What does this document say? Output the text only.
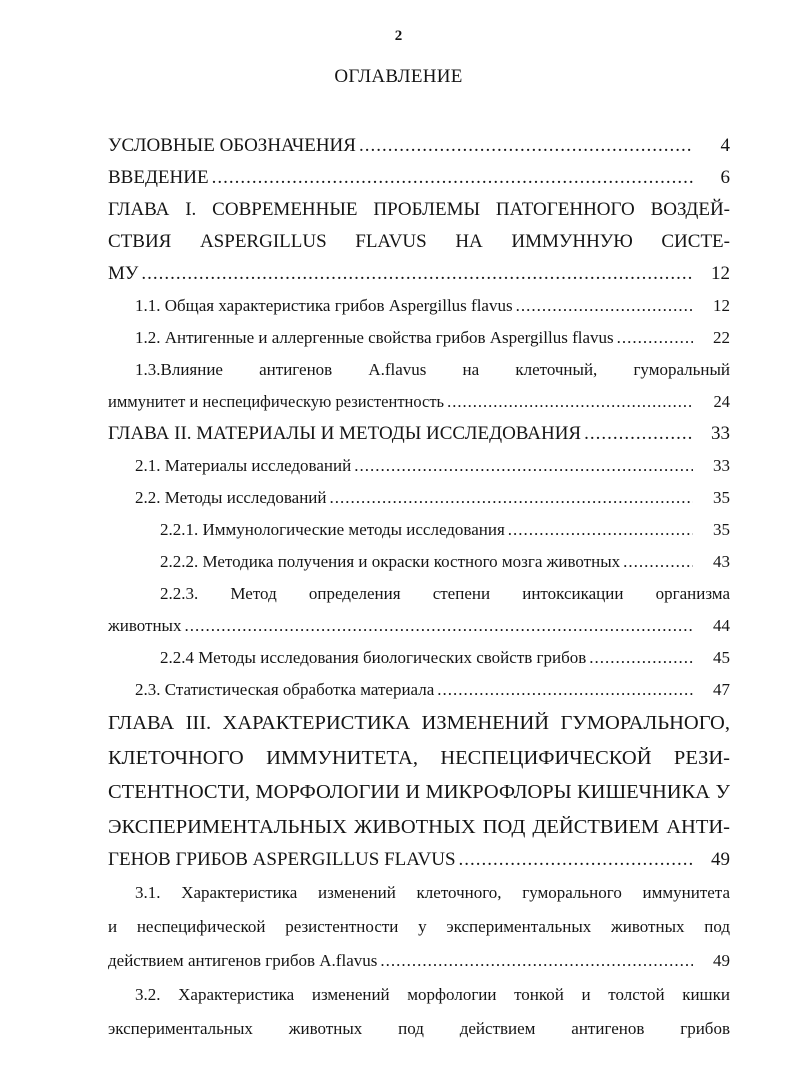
2
ОГЛАВЛЕНИЕ
УСЛОВНЫЕ ОБОЗНАЧЕНИЯ .....	4
ВВЕДЕНИЕ .....	6
ГЛАВА I. СОВРЕМЕННЫЕ ПРОБЛЕМЫ ПАТОГЕННОГО ВОЗДЕЙ-
СТВИЯ ASPERGILLUS FLAVUS НА ИММУННУЮ СИСТЕ-
МУ .....	12
1.1. Общая характеристика грибов Aspergillus flavus .....	12
1.2. Антигенные и аллергенные свойства грибов Aspergillus flavus .....	22
1.3.Влияние антигенов A.flavus на клеточный, гуморальный
иммунитет и неспецифическую резистентность .....	24
ГЛАВА II. МАТЕРИАЛЫ И МЕТОДЫ ИССЛЕДОВАНИЯ .....	33
2.1. Материалы исследований .....	33
2.2. Методы исследований .....	35
2.2.1. Иммунологические методы исследования .....	35
2.2.2. Методика получения и окраски костного мозга животных .....	43
2.2.3. Метод определения степени интоксикации организма
животных .....	44
2.2.4 Методы исследования биологических свойств грибов .....	45
2.3. Статистическая обработка материала .....	47
ГЛАВА III. ХАРАКТЕРИСТИКА ИЗМЕНЕНИЙ ГУМОРАЛЬНОГО,
КЛЕТОЧНОГО ИММУНИТЕТА, НЕСПЕЦИФИЧЕСКОЙ РЕЗИ-
СТЕНТНОСТИ, МОРФОЛОГИИ И МИКРОФЛОРЫ КИШЕЧНИКА У
ЭКСПЕРИМЕНТАЛЬНЫХ ЖИВОТНЫХ ПОД ДЕЙСТВИЕМ АНТИ-
ГЕНОВ ГРИБОВ ASPERGILLUS FLAVUS .....	49
3.1. Характеристика изменений клеточного, гуморального иммунитета
и неспецифической резистентности у экспериментальных животных под
действием антигенов грибов A.flavus .....	49
3.2. Характеристика изменений морфологии тонкой и толстой кишки
экспериментальных животных под действием антигенов грибов
